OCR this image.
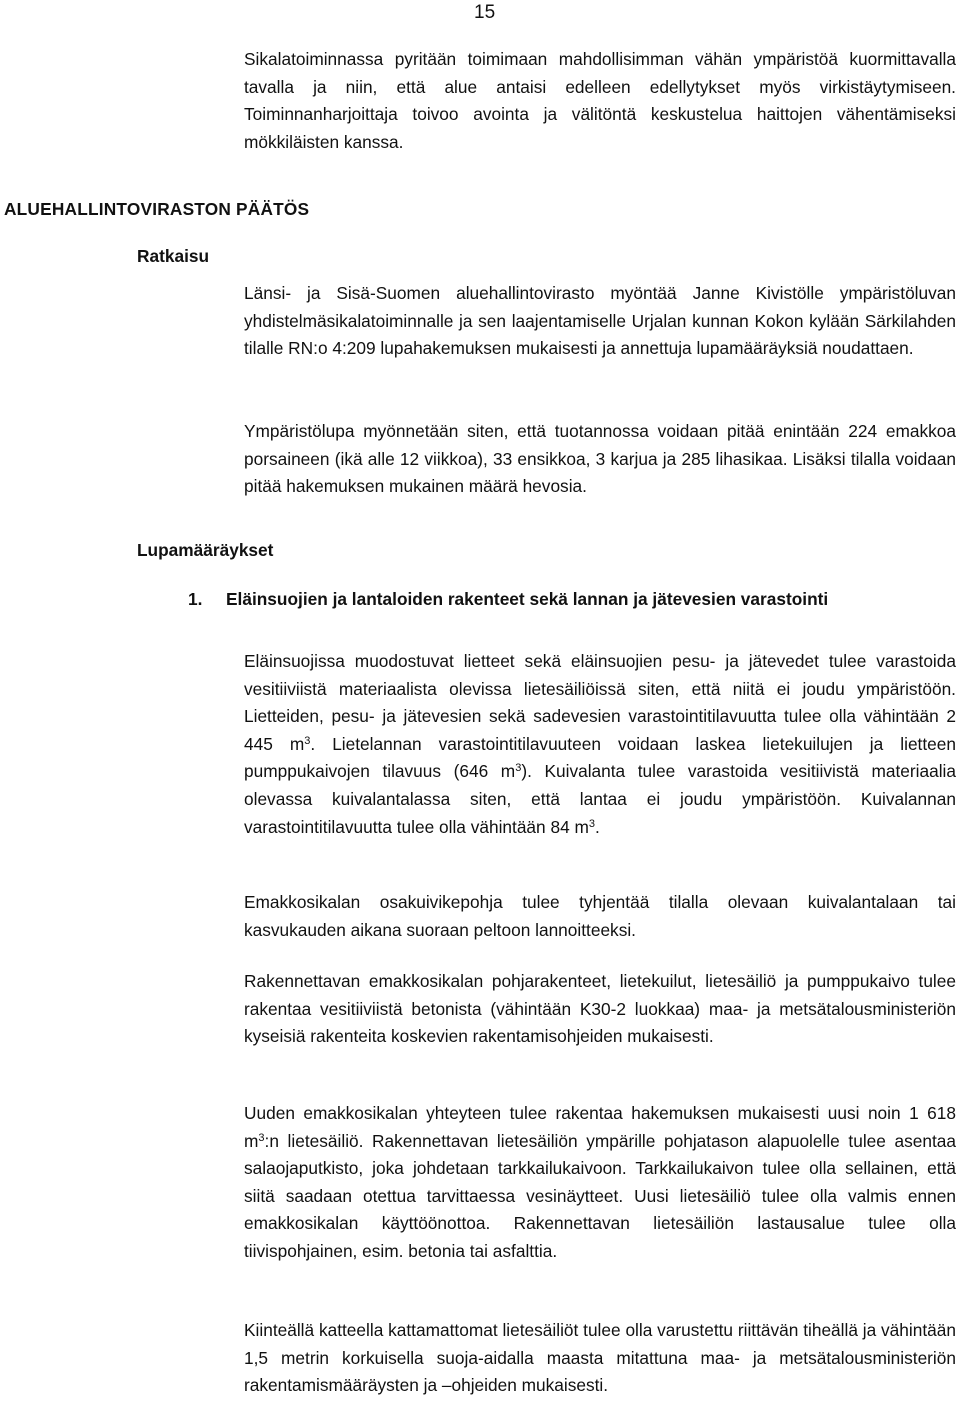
15
Sikalatoiminnassa pyritään toimimaan mahdollisimman vähän ympäristöä kuormittavalla tavalla ja niin, että alue antaisi edelleen edellytykset myös virkistäytymiseen. Toiminnanharjoittaja toivoo avointa ja välitöntä keskustelua haittojen vähentämiseksi mökkiläisten kanssa.
ALUEHALLINTOVIRASTON PÄÄTÖS
Ratkaisu
Länsi- ja Sisä-Suomen aluehallintovirasto myöntää Janne Kivistölle ympäristöluvan yhdistelmäsikalatoiminnalle ja sen laajentamiselle Urjalan kunnan Kokon kylään Särkilahden tilalle RN:o 4:209 lupahakemuksen mukaisesti ja annettuja lupamääräyksiä noudattaen.
Ympäristölupa myönnetään siten, että tuotannossa voidaan pitää enintään 224 emakkoa porsaineen (ikä alle 12 viikkoa), 33 ensikkoa, 3 karjua ja 285 lihasikaa. Lisäksi tilalla voidaan pitää hakemuksen mukainen määrä hevosia.
Lupamääräykset
1. Eläinsuojien ja lantaloiden rakenteet sekä lannan ja jätevesien varastointi
Eläinsuojissa muodostuvat lietteet sekä eläinsuojien pesu- ja jätevedet tulee varastoida vesitiiviistä materiaalista olevissa lietesäiliöissä siten, että niitä ei joudu ympäristöön. Lietteiden, pesu- ja jätevesien sekä sadevesien varastointitilavuutta tulee olla vähintään 2 445 $m^3$. Lietelannan varastointitilavuuteen voidaan laskea lietekuilujen ja lietteen pumppukaivojen tilavuus (646 $m^3$). Kuivalanta tulee varastoida vesitiivistä materiaalia olevassa kuivalantalassa siten, että lantaa ei joudu ympäristöön. Kuivalannan varastointitilavuutta tulee olla vähintään 84 $m^3$.
Emakkosikalan osakuivikepohja tulee tyhjentää tilalla olevaan kuivalantalaan tai kasvukauden aikana suoraan peltoon lannoitteeksi.
Rakennettavan emakkosikalan pohjarakenteet, lietekuilut, lietesäiliö ja pumppukaivo tulee rakentaa vesitiiviistä betonista (vähintään K30-2 luokkaa) maa- ja metsätalousministeriön kyseisiä rakenteita koskevien rakentamisohjeiden mukaisesti.
Uuden emakkosikalan yhteyteen tulee rakentaa hakemuksen mukaisesti uusi noin 1 618 $m^3:n$ lietesäiliö. Rakennettavan lietesäiliön ympärille pohjatason alapuolelle tulee asentaa salaojaputkisto, joka johdetaan tarkkailukaivoon. Tarkkailukaivon tulee olla sellainen, että siitä saadaan otettua tarvittaessa vesinäytteet. Uusi lietesäiliö tulee olla valmis ennen emakkosikalan käyttöönottoa. Rakennettavan lietesäiliön lastausalue tulee olla tiivispohjainen, esim. betonia tai asfalttia.
Kiinteällä katteella kattamattomat lietesäiliöt tulee olla varustettu riittävän tiheällä ja vähintään 1,5 metrin korkuisella suoja-aidalla maasta mitattuna maa- ja metsätalousministeriön rakentamismääräysten ja –ohjeiden mukaisesti.
